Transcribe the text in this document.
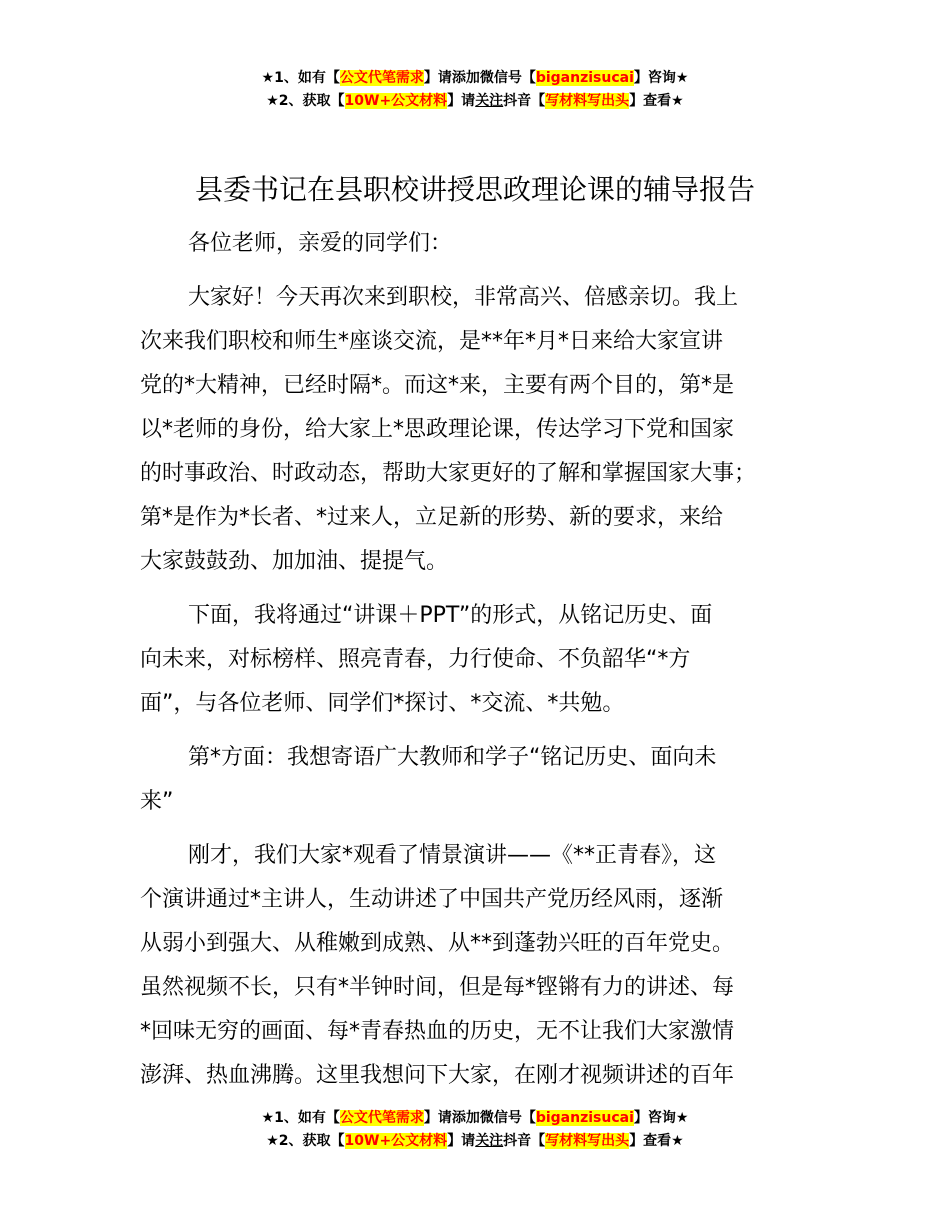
★1、如有【公文代笔需求】请添加微信号【biganzisucai】咨询★
★2、获取【10W+公文材料】请关注抖音【写材料写出头】查看★
县委书记在县职校讲授思政理论课的辅导报告
各位老师，亲爱的同学们：
大家好！今天再次来到职校，非常高兴、倍感亲切。我上
次来我们职校和师生*座谈交流，是**年*月*日来给大家宣讲
党的*大精神，已经时隔*。而这*来，主要有两个目的，第*是
以*老师的身份，给大家上*思政理论课，传达学习下党和国家
的时事政治、时政动态，帮助大家更好的了解和掌握国家大事；
第*是作为*长者、*过来人，立足新的形势、新的要求，来给
大家鼓鼓劲、加加油、提提气。
下面，我将通过“讲课＋PPT”的形式，从铭记历史、面
向未来，对标榜样、照亮青春，力行使命、不负韶华“*方
面”，与各位老师、同学们*探讨、*交流、*共勉。
第*方面：我想寄语广大教师和学子“铭记历史、面向未
来”
刚才，我们大家*观看了情景演讲——《**正青春》，这
个演讲通过*主讲人，生动讲述了中国共产党历经风雨，逐渐
从弱小到强大、从稚嫩到成熟、从**到蓬勃兴旺的百年党史。
虽然视频不长，只有*半钟时间，但是每*铿锵有力的讲述、每
*回味无穷的画面、每*青春热血的历史，无不让我们大家激情
澎湃、热血沸腾。这里我想问下大家，在刚才视频讲述的百年
★1、如有【公文代笔需求】请添加微信号【biganzisucai】咨询★
★2、获取【10W+公文材料】请关注抖音【写材料写出头】查看★
